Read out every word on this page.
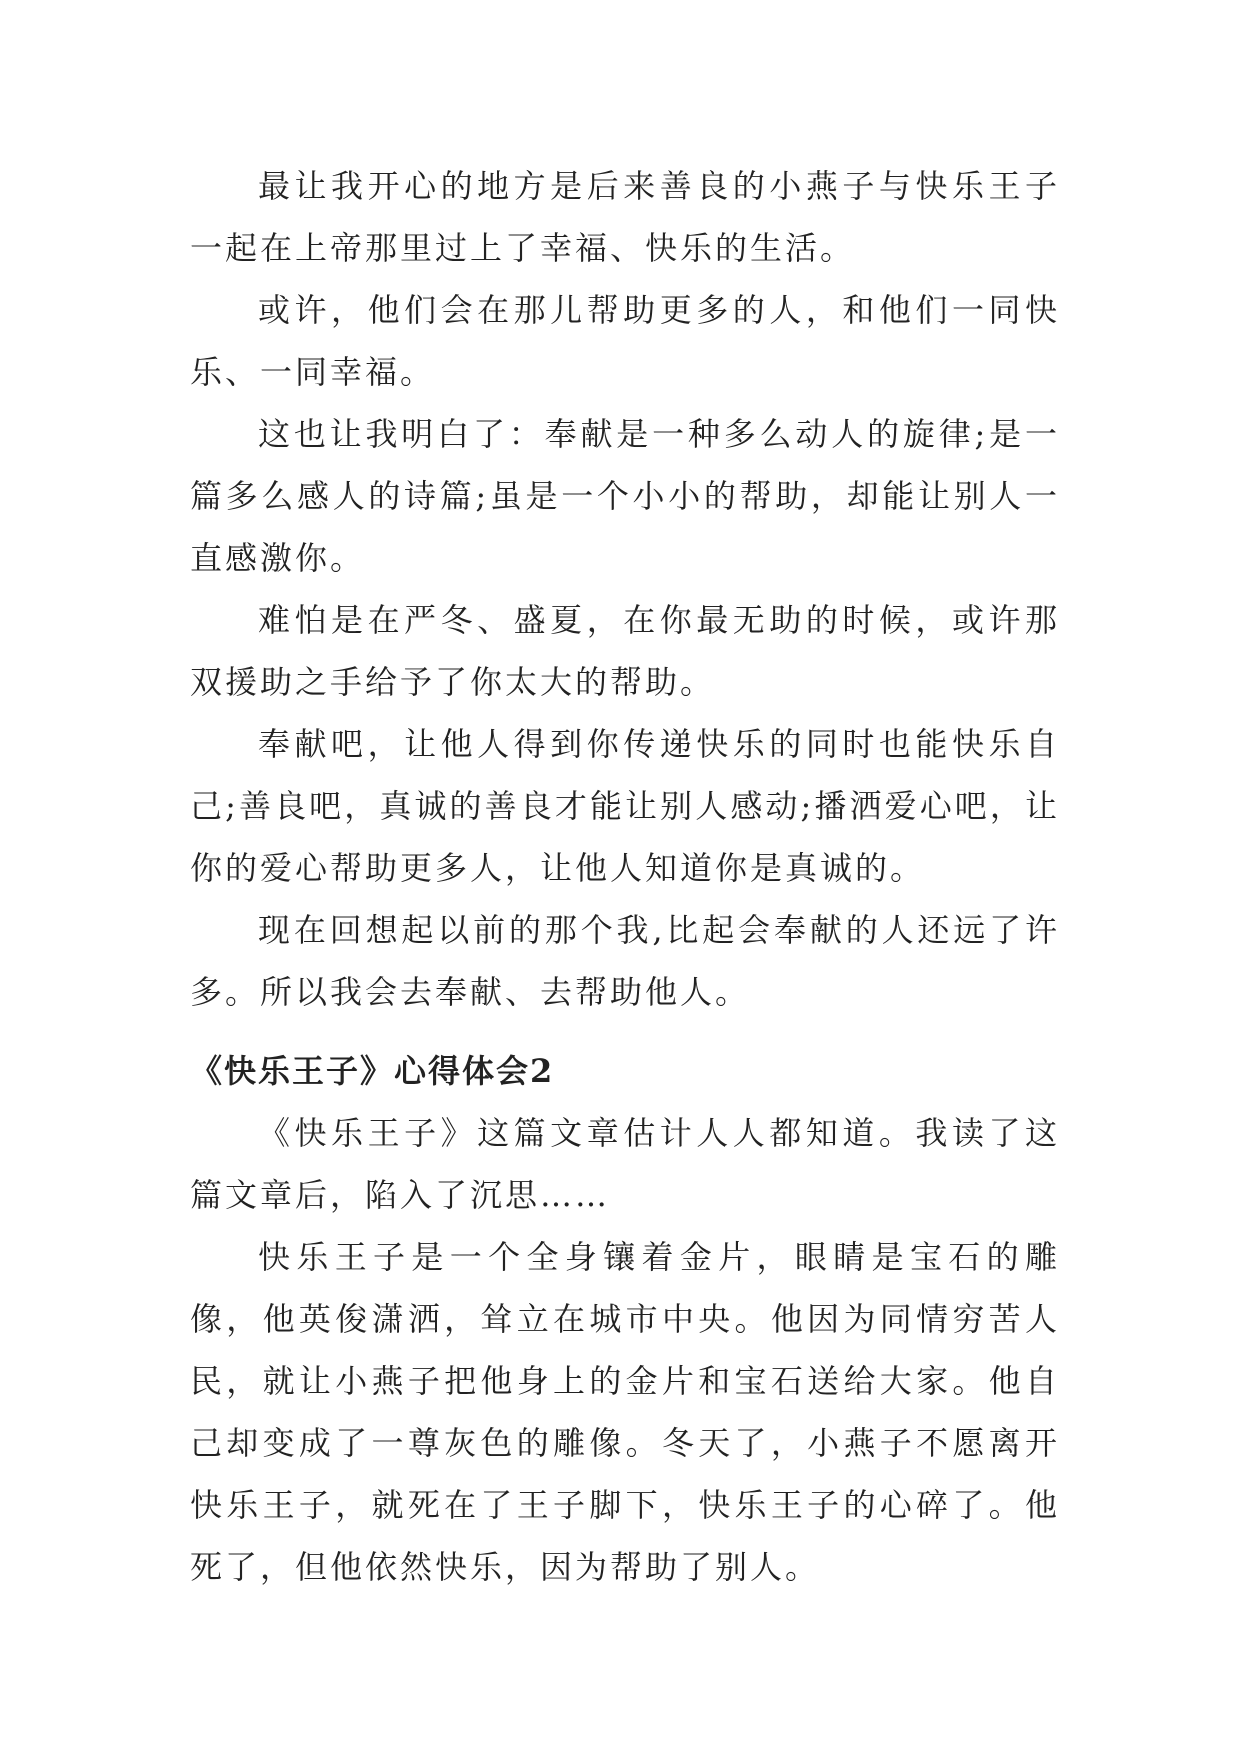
最让我开心的地方是后来善良的小燕子与快乐王子一起在上帝那里过上了幸福、快乐的生活。

或许，他们会在那儿帮助更多的人，和他们一同快乐、一同幸福。

这也让我明白了：奉献是一种多么动人的旋律;是一篇多么感人的诗篇;虽是一个小小的帮助，却能让别人一直感激你。

难怕是在严冬、盛夏，在你最无助的时候，或许那双援助之手给予了你太大的帮助。

奉献吧，让他人得到你传递快乐的同时也能快乐自己;善良吧，真诚的善良才能让别人感动;播洒爱心吧，让你的爱心帮助更多人，让他人知道你是真诚的。

现在回想起以前的那个我,比起会奉献的人还远了许多。所以我会去奉献、去帮助他人。

《快乐王子》心得体会2

《快乐王子》这篇文章估计人人都知道。我读了这篇文章后，陷入了沉思……

快乐王子是一个全身镶着金片，眼睛是宝石的雕像，他英俊潇洒，耸立在城市中央。他因为同情穷苦人民，就让小燕子把他身上的金片和宝石送给大家。他自己却变成了一尊灰色的雕像。冬天了，小燕子不愿离开快乐王子，就死在了王子脚下，快乐王子的心碎了。他死了，但他依然快乐，因为帮助了别人。
